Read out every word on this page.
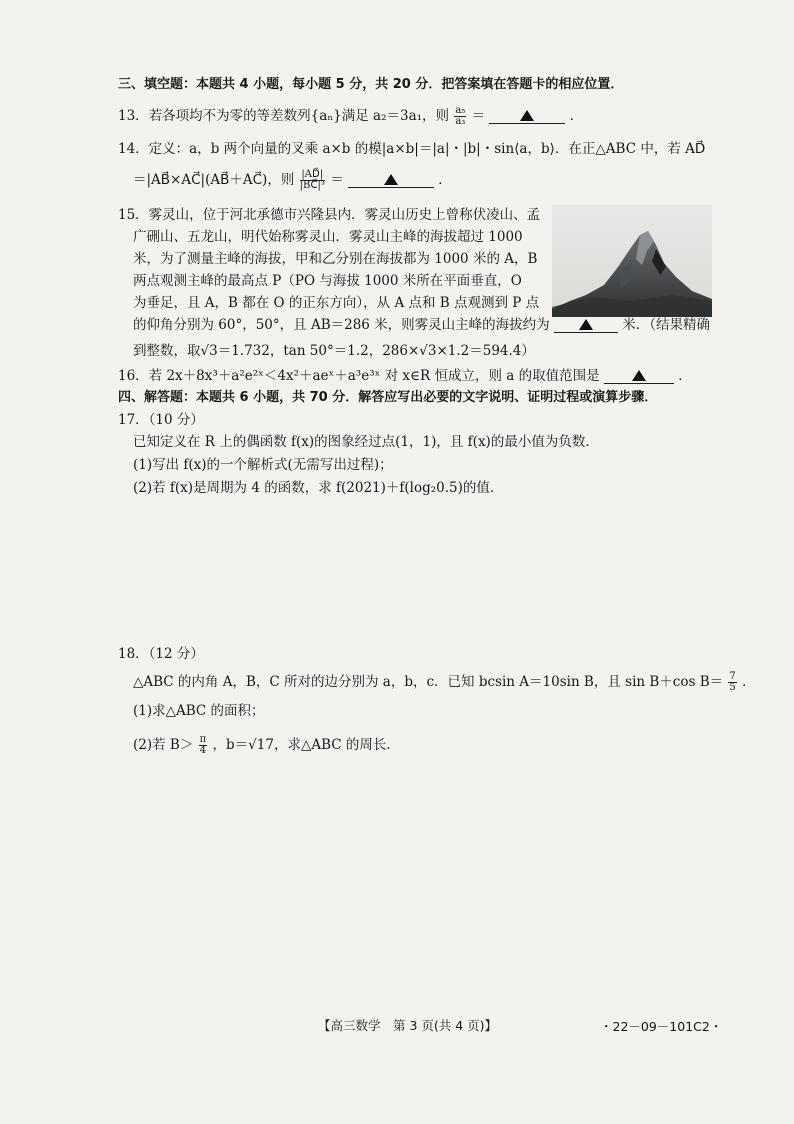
三、填空题：本题共 4 小题，每小题 5 分，共 20 分．把答案填在答题卡的相应位置．
13．若各项均不为零的等差数列{aₙ}满足 a₂＝3a₁，则 $\frac{\text{a₅}}{\text{a₃}}$ ＝	．
14．定义：a，b 两个向量的叉乘 a×b 的模|a×b|＝|a|・|b|・sin⟨a，b⟩．在正△ABC 中，若 AD⃗
＝|AB⃗×AC⃗|(AB⃗＋AC⃗)，则 $\frac{|AD⃗|}{\text{|BC⃗|³}}$ ＝	．
15．雾灵山，位于河北承德市兴隆县内．雾灵山历史上曾称伏凌山、孟
广硎山、五龙山，明代始称雾灵山．雾灵山主峰的海拔超过 1000
米，为了测量主峰的海拔，甲和乙分别在海拔都为 1000 米的 A，B
两点观测主峰的最高点 P（PO 与海拔 1000 米所在平面垂直，O
为垂足，且 A，B 都在 O 的正东方向），从 A 点和 B 点观测到 P 点
的仰角分别为 60°，50°，且 AB＝286 米，则雾灵山主峰的海拔约为	米．（结果精确
到整数，取√3＝1.732，tan 50°＝1.2，286×√3×1.2＝594.4）
16．若 2x＋8x³＋a²e²ˣ＜4x²＋aeˣ＋a³e³ˣ 对 x∈R 恒成立，则 a 的取值范围是	．
四、解答题：本题共 6 小题，共 70 分．解答应写出必要的文字说明、证明过程或演算步骤．
17．（10 分）
已知定义在 R 上的偶函数 f(x)的图象经过点(1，1)，且 f(x)的最小值为负数．
(1)写出 f(x)的一个解析式(无需写出过程)；
(2)若 f(x)是周期为 4 的函数，求 f(2021)＋f(log₂0.5)的值．
18．（12 分）
△ABC 的内角 A，B，C 所对的边分别为 a，b，c．已知 bcsin A＝10sin B，且 sin B＋cos $B= \frac{7}{5}$ ．
(1)求△ABC 的面积；
(2)若 $B> \frac{\pi}{4}$ ，b＝√17，求△ABC 的周长．
【高三数学　第 3 页(共 4 页)】	・22－09－101C2・
